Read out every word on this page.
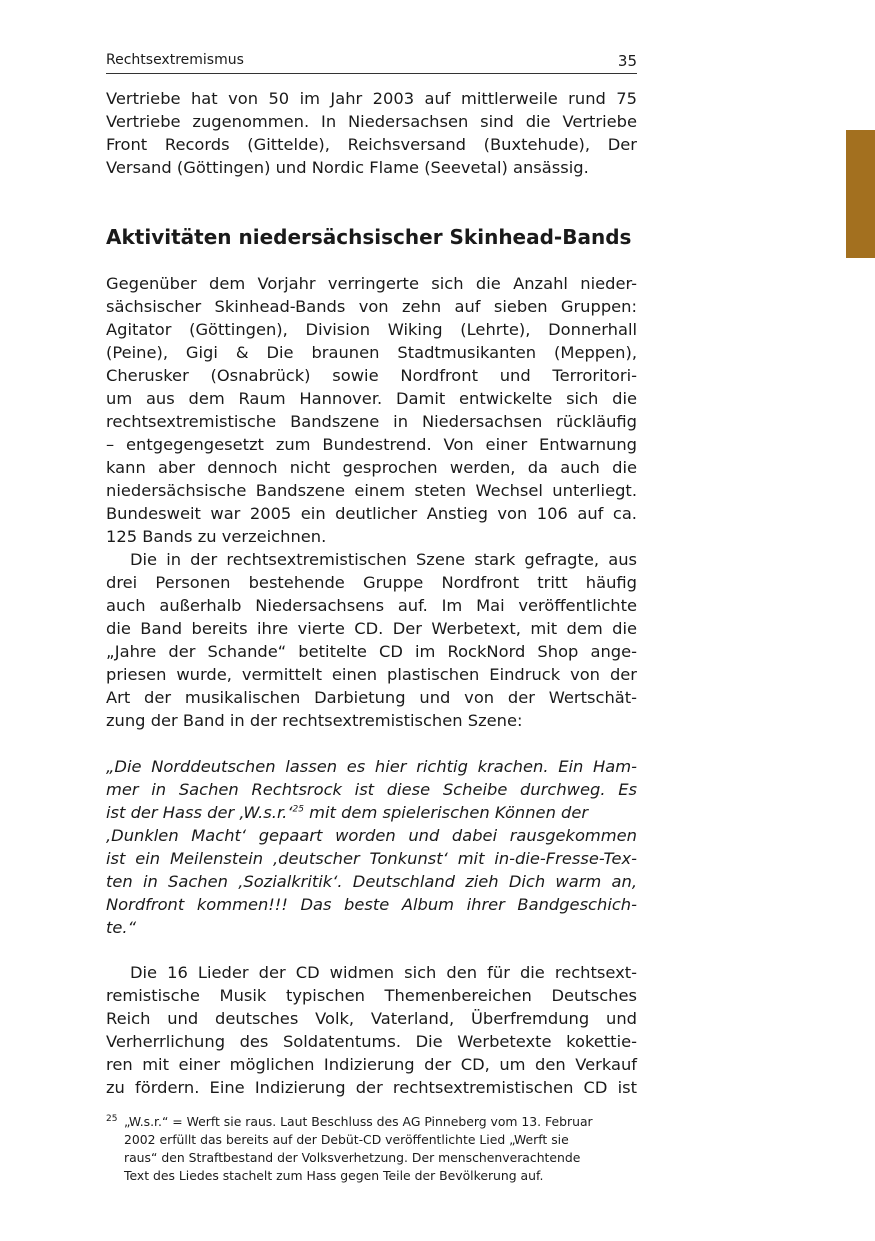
Rechtsextremismus	35
Vertriebe hat von 50 im Jahr 2003 auf mittlerweile rund 75
Vertriebe zugenommen. In Niedersachsen sind die Vertriebe
Front Records (Gittelde), Reichsversand (Buxtehude), Der
Versand (Göttingen) und Nordic Flame (Seevetal) ansässig.
Aktivitäten niedersächsischer Skinhead-Bands
Gegenüber dem Vorjahr verringerte sich die Anzahl nieder-
sächsischer Skinhead-Bands von zehn auf sieben Gruppen:
Agitator (Göttingen), Division Wiking (Lehrte), Donnerhall
(Peine), Gigi & Die braunen Stadtmusikanten (Meppen),
Cherusker (Osnabrück) sowie Nordfront und Terroritori-
um aus dem Raum Hannover. Damit entwickelte sich die
rechtsextremistische Bandszene in Niedersachsen rückläufig
– entgegengesetzt zum Bundestrend. Von einer Entwarnung
kann aber dennoch nicht gesprochen werden, da auch die
niedersächsische Bandszene einem steten Wechsel unterliegt.
Bundesweit war 2005 ein deutlicher Anstieg von 106 auf ca.
125 Bands zu verzeichnen.
Die in der rechtsextremistischen Szene stark gefragte, aus
drei Personen bestehende Gruppe Nordfront tritt häufig
auch außerhalb Niedersachsens auf. Im Mai veröffentlichte
die Band bereits ihre vierte CD. Der Werbetext, mit dem die
„Jahre der Schande“ betitelte CD im RockNord Shop ange-
priesen wurde, vermittelt einen plastischen Eindruck von der
Art der musikalischen Darbietung und von der Wertschät-
zung der Band in der rechtsextremistischen Szene:
„Die Norddeutschen lassen es hier richtig krachen. Ein Ham-
mer in Sachen Rechtsrock ist diese Scheibe durchweg. Es
ist der Hass der ‚W.s.r.‘$^{25}$ mit dem spielerischen Können der
‚Dunklen Macht‘ gepaart worden und dabei rausgekommen
ist ein Meilenstein ‚deutscher Tonkunst‘ mit in-die-Fresse-Tex-
ten in Sachen ‚Sozialkritik‘. Deutschland zieh Dich warm an,
Nordfront kommen!!! Das beste Album ihrer Bandgeschich-
te.“
Die 16 Lieder der CD widmen sich den für die rechtsext-
remistische Musik typischen Themenbereichen Deutsches
Reich und deutsches Volk, Vaterland, Überfremdung und
Verherrlichung des Soldatentums. Die Werbetexte kokettie-
ren mit einer möglichen Indizierung der CD, um den Verkauf
zu fördern. Eine Indizierung der rechtsextremistischen CD ist
25 „W.s.r.“ = Werft sie raus. Laut Beschluss des AG Pinneberg vom 13. Februar
2002 erfüllt das bereits auf der Debüt-CD veröffentlichte Lied „Werft sie
raus“ den Straftbestand der Volksverhetzung. Der menschenverachtende
Text des Liedes stachelt zum Hass gegen Teile der Bevölkerung auf.
